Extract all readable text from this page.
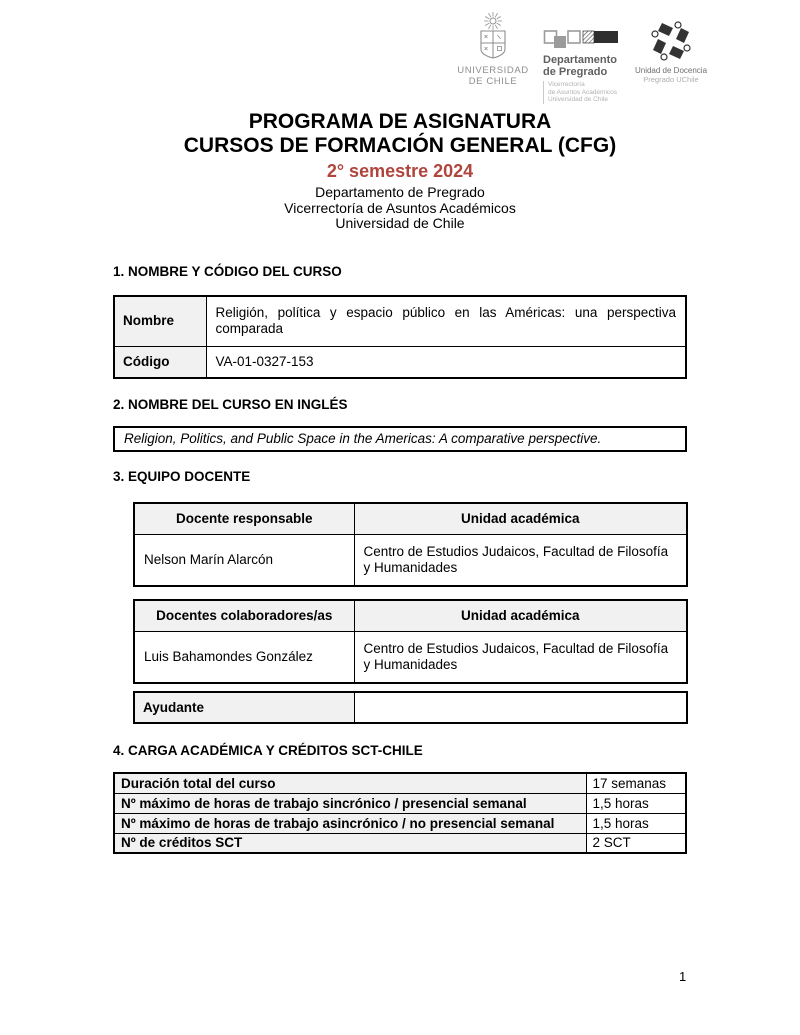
UNIVERSIDAD
DE CHILE
Departamento
de Pregrado
Vicerrectoría
de Asuntos Académicos
Universidad de Chile
Unidad de Docencia
Pregrado UChile
PROGRAMA DE ASIGNATURA
CURSOS DE FORMACIÓN GENERAL (CFG)
2° semestre 2024
Departamento de Pregrado
Vicerrectoría de Asuntos Académicos
Universidad de Chile
1. NOMBRE Y CÓDIGO DEL CURSO
Nombre	Religión, política y espacio público en las Américas: una perspectiva comparada
Código	VA-01-0327-153
2. NOMBRE DEL CURSO EN INGLÉS
Religion, Politics, and Public Space in the Americas: A comparative perspective.
3. EQUIPO DOCENTE
Docente responsable	Unidad académica
Nelson Marín Alarcón	Centro de Estudios Judaicos, Facultad de Filosofía y Humanidades
Docentes colaboradores/as	Unidad académica
Luis Bahamondes González	Centro de Estudios Judaicos, Facultad de Filosofía y Humanidades
Ayudante	
4. CARGA ACADÉMICA Y CRÉDITOS SCT-CHILE
Duración total del curso	17 semanas
Nº máximo de horas de trabajo sincrónico / presencial semanal	1,5 horas
Nº máximo de horas de trabajo asincrónico / no presencial semanal	1,5 horas
Nº de créditos SCT	2 SCT
1
